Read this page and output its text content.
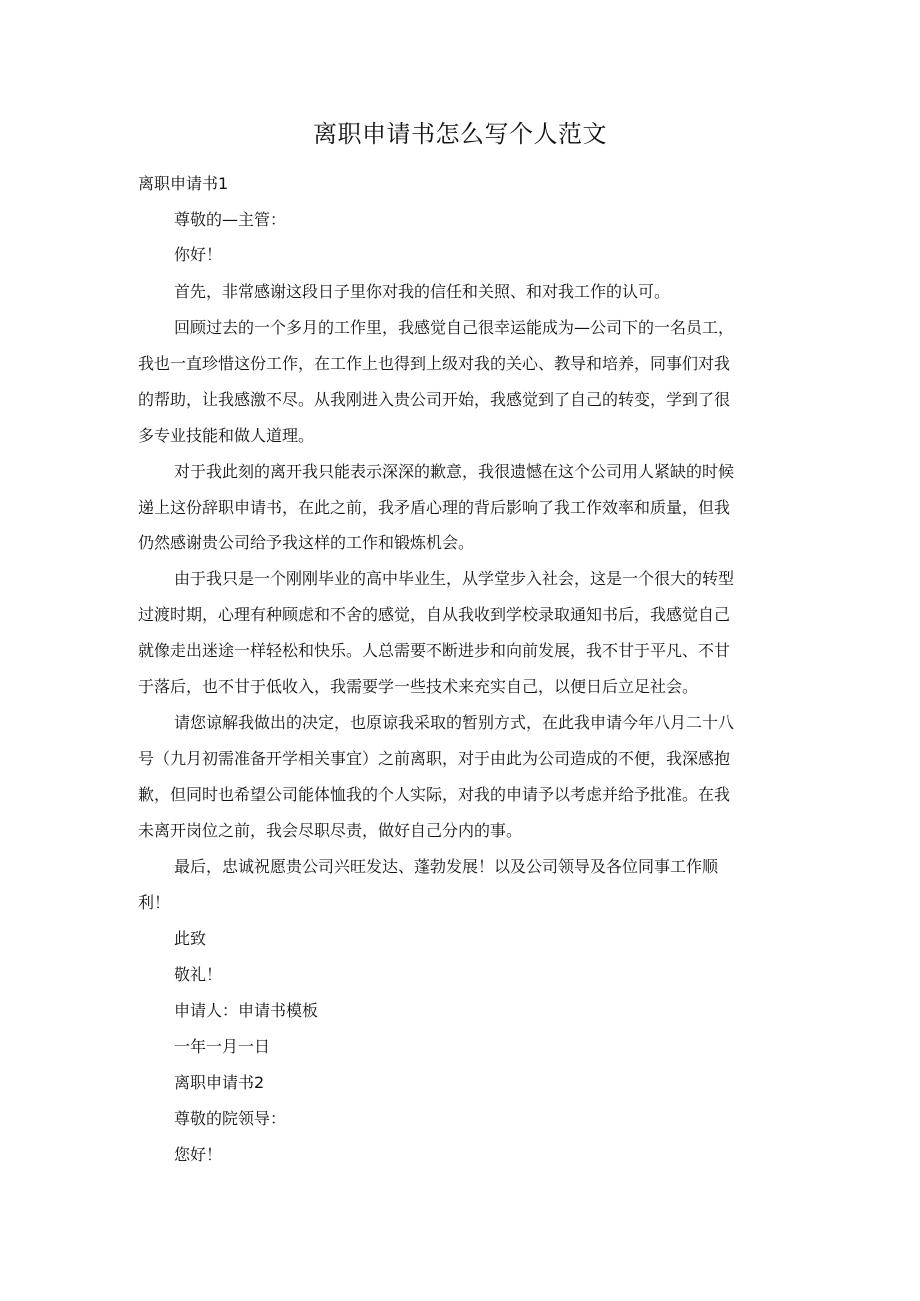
离职申请书怎么写个人范文
离职申请书1
尊敬的—主管：
你好！
首先，非常感谢这段日子里你对我的信任和关照、和对我工作的认可。
回顾过去的一个多月的工作里，我感觉自己很幸运能成为—公司下的一名员工，
我也一直珍惜这份工作，在工作上也得到上级对我的关心、教导和培养，同事们对我
的帮助，让我感激不尽。从我刚进入贵公司开始，我感觉到了自己的转变，学到了很
多专业技能和做人道理。
对于我此刻的离开我只能表示深深的歉意，我很遗憾在这个公司用人紧缺的时候
递上这份辞职申请书，在此之前，我矛盾心理的背后影响了我工作效率和质量，但我
仍然感谢贵公司给予我这样的工作和锻炼机会。
由于我只是一个刚刚毕业的高中毕业生，从学堂步入社会，这是一个很大的转型
过渡时期，心理有种顾虑和不舍的感觉，自从我收到学校录取通知书后，我感觉自己
就像走出迷途一样轻松和快乐。人总需要不断进步和向前发展，我不甘于平凡、不甘
于落后，也不甘于低收入，我需要学一些技术来充实自己，以便日后立足社会。
请您谅解我做出的决定，也原谅我采取的暂别方式，在此我申请今年八月二十八
号（九月初需准备开学相关事宜）之前离职，对于由此为公司造成的不便，我深感抱
歉，但同时也希望公司能体恤我的个人实际，对我的申请予以考虑并给予批准。在我
未离开岗位之前，我会尽职尽责，做好自己分内的事。
最后，忠诚祝愿贵公司兴旺发达、蓬勃发展！以及公司领导及各位同事工作顺
利！
此致
敬礼！
申请人：申请书模板
一年一月一日
离职申请书2
尊敬的院领导：
您好！
